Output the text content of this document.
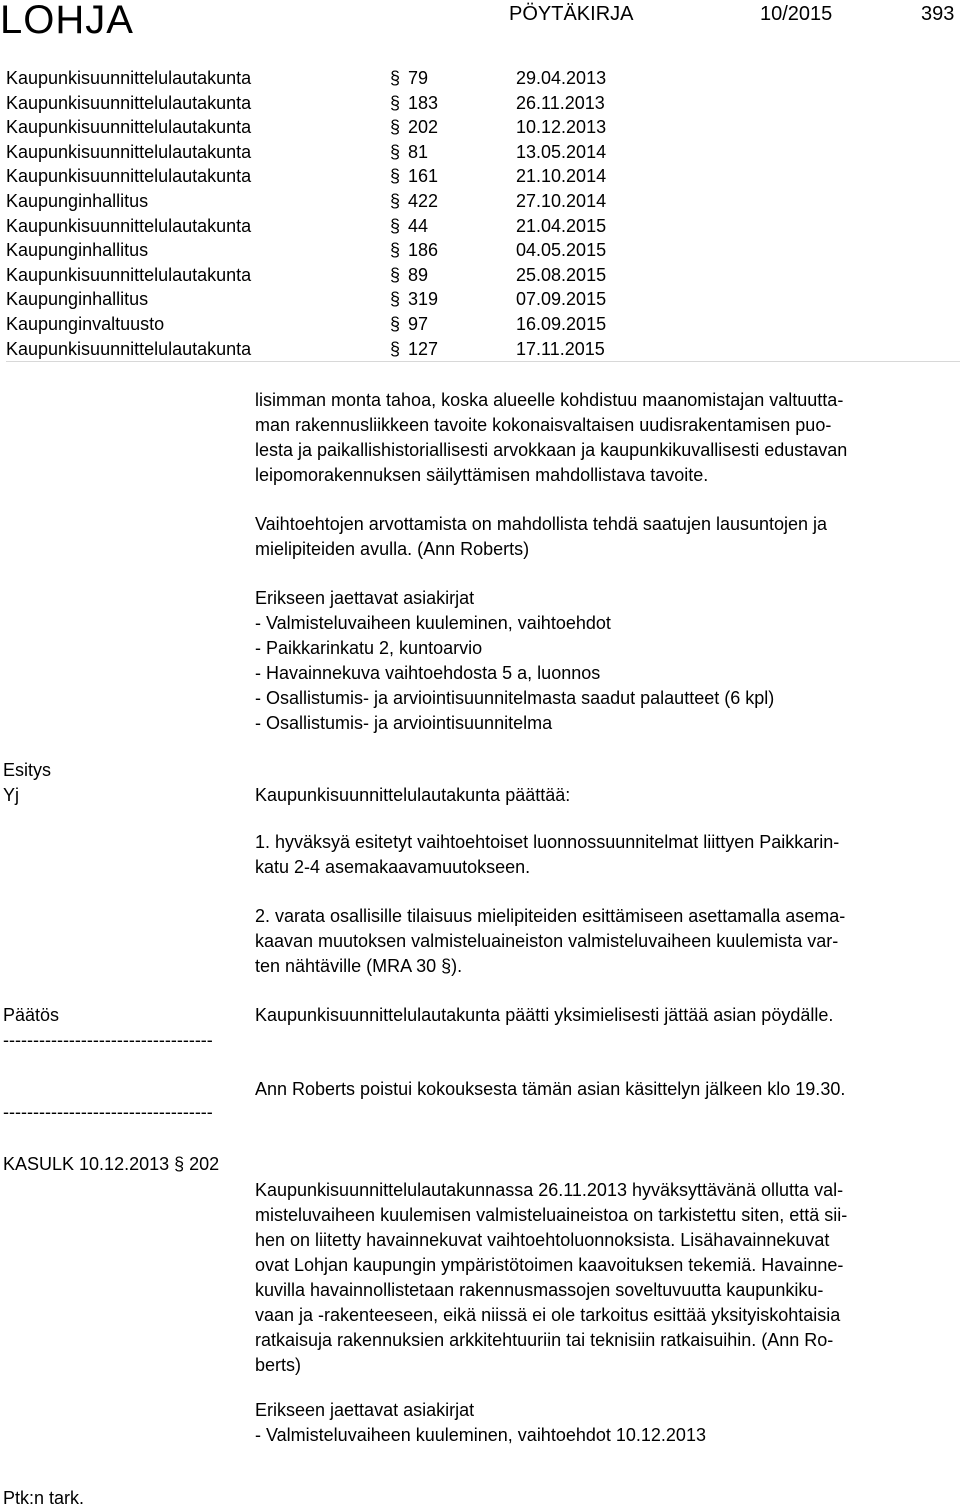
LOHJA	PÖYTÄKIRJA	10/2015	393
Kaupunkisuunnittelulautakunta	§ 79	29.04.2013
Kaupunkisuunnittelulautakunta	§ 183	26.11.2013
Kaupunkisuunnittelulautakunta	§ 202	10.12.2013
Kaupunkisuunnittelulautakunta	§ 81	13.05.2014
Kaupunkisuunnittelulautakunta	§ 161	21.10.2014
Kaupunginhallitus	§ 422	27.10.2014
Kaupunkisuunnittelulautakunta	§ 44	21.04.2015
Kaupunginhallitus	§ 186	04.05.2015
Kaupunkisuunnittelulautakunta	§ 89	25.08.2015
Kaupunginhallitus	§ 319	07.09.2015
Kaupunginvaltuusto	§ 97	16.09.2015
Kaupunkisuunnittelulautakunta	§ 127	17.11.2015
lisimman monta tahoa, koska alueelle kohdistuu maanomistajan valtuutta-
man rakennusliikkeen tavoite kokonaisvaltaisen uudisrakentamisen puo-
lesta ja paikallishistoriallisesti arvokkaan ja kaupunkikuvallisesti edustavan
leipomorakennuksen säilyttämisen mahdollistava tavoite.
Vaihtoehtojen arvottamista on mahdollista tehdä saatujen lausuntojen ja
mielipiteiden avulla. (Ann Roberts)
Erikseen jaettavat asiakirjat
- Valmisteluvaiheen kuuleminen, vaihtoehdot
- Paikkarinkatu 2, kuntoarvio
- Havainnekuva vaihtoehdosta 5 a, luonnos
- Osallistumis- ja arviointisuunnitelmasta saadut palautteet (6 kpl)
- Osallistumis- ja arviointisuunnitelma
Esitys
Yj	Kaupunkisuunnittelulautakunta päättää:
1. hyväksyä esitetyt vaihtoehtoiset luonnossuunnitelmat liittyen Paikkarin-
katu 2-4 asemakaavamuutokseen.
2. varata osallisille tilaisuus mielipiteiden esittämiseen asettamalla asema-
kaavan muutoksen valmisteluaineiston valmisteluvaiheen kuulemista var-
ten nähtäville (MRA 30 §).
Päätös	Kaupunkisuunnittelulautakunta päätti yksimielisesti jättää asian pöydälle.
-----------------------------------
Ann Roberts poistui kokouksesta tämän asian käsittelyn jälkeen klo 19.30.
-----------------------------------
KASULK 10.12.2013 § 202
Kaupunkisuunnittelulautakunnassa 26.11.2013 hyväksyttävänä ollutta val-
misteluvaiheen kuulemisen valmisteluaineistoa on tarkistettu siten, että sii-
hen on liitetty havainnekuvat vaihtoehtoluonnoksista. Lisähavainnekuvat
ovat Lohjan kaupungin ympäristötoimen kaavoituksen tekemiä. Havainne-
kuvilla havainnollistetaan rakennusmassojen soveltuvuutta kaupunkiku-
vaan ja -rakenteeseen, eikä niissä ei ole tarkoitus esittää yksityiskohtaisia
ratkaisuja rakennuksien arkkitehtuuriin tai teknisiin ratkaisuihin. (Ann Ro-
berts)
Erikseen jaettavat asiakirjat
- Valmisteluvaiheen kuuleminen, vaihtoehdot 10.12.2013
Ptk:n tark.
